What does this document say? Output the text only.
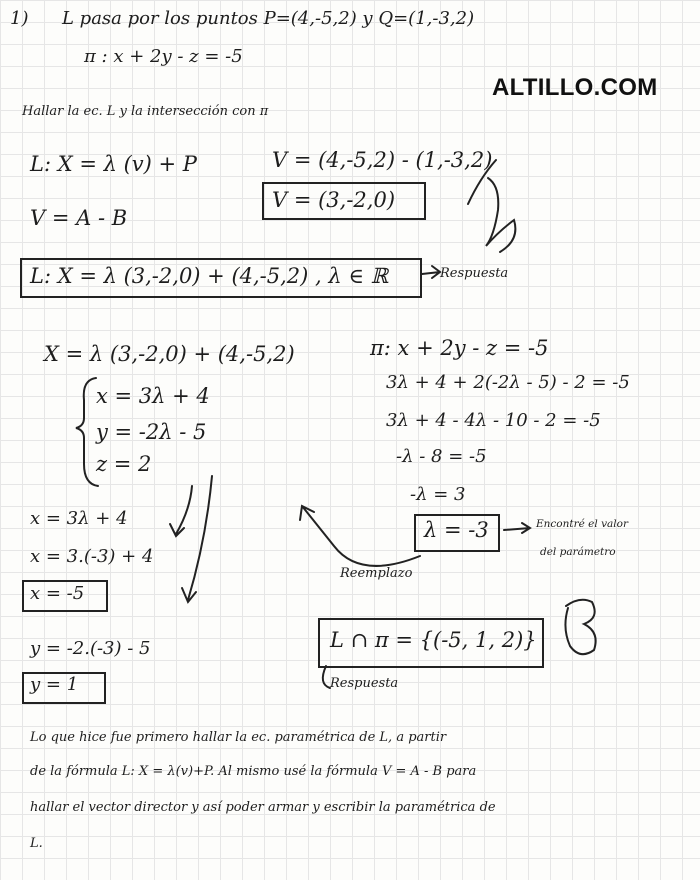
1) L pasa por los puntos P=(4,-5,2) y Q=(1,-3,2)
π : x + 2y - z = -5
ALTILLO.COM
Hallar la ec. L y la intersección con π
L: X = λ (v) + P
V = A - B
V = (4,-5,2) - (1,-3,2)
V = (3,-2,0)
L: X = λ (3,-2,0) + (4,-5,2) , λ ∈ ℝ	Respuesta
X = λ (3,-2,0) + (4,-5,2)
x = 3λ + 4
y = -2λ - 5
z = 2
π: x + 2y - z = -5
3λ + 4 + 2(-2λ - 5) - 2 = -5
3λ + 4 - 4λ - 10 - 2 = -5
-λ - 8 = -5
-λ = 3
λ = -3	Encontré el valor
del parámetro
Reemplazo
x = 3λ + 4
x = 3.(-3) + 4
x = -5
y = -2.(-3) - 5
y = 1
L ∩ π = {(-5, 1, 2)}
Respuesta
Lo que hice fue primero hallar la ec. paramétrica de L, a partir
de la fórmula L: X = λ(v)+P. Al mismo usé la fórmula V = A - B para
hallar el vector director y así poder armar y escribir la paramétrica de
L.
